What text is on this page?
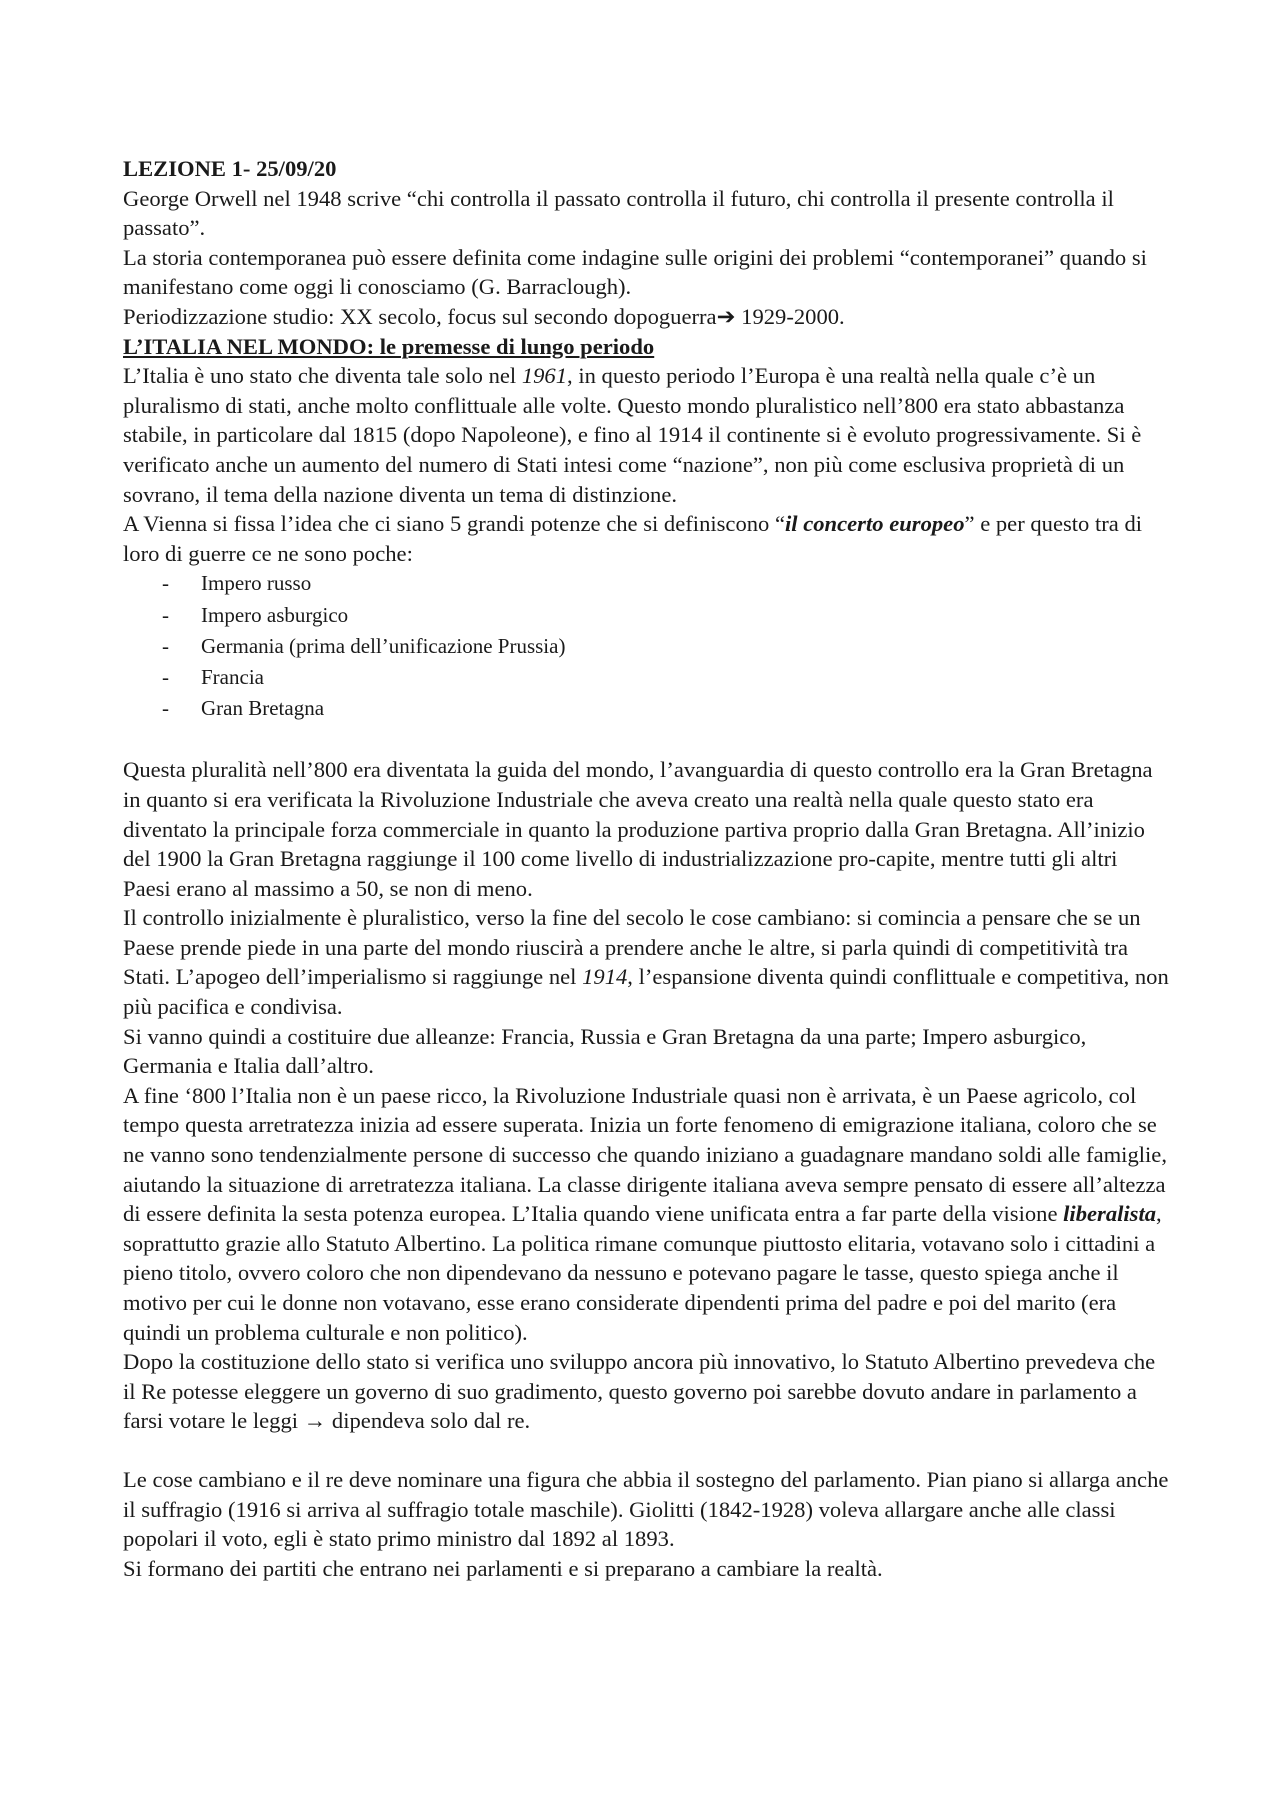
LEZIONE 1- 25/09/20

George Orwell nel 1948 scrive “chi controlla il passato controlla il futuro, chi controlla il presente controlla il passato”.

La storia contemporanea può essere definita come indagine sulle origini dei problemi “contemporanei” quando si manifestano come oggi li conosciamo (G. Barraclough).

Periodizzazione studio: XX secolo, focus sul secondo dopoguerra➔ 1929-2000.

L’ITALIA NEL MONDO: le premesse di lungo periodo

L’Italia è uno stato che diventa tale solo nel 1961, in questo periodo l’Europa è una realtà nella quale c’è un pluralismo di stati, anche molto conflittuale alle volte. Questo mondo pluralistico nell’800 era stato abbastanza stabile, in particolare dal 1815 (dopo Napoleone), e fino al 1914 il continente si è evoluto progressivamente. Si è verificato anche un aumento del numero di Stati intesi come “nazione”, non più come esclusiva proprietà di un sovrano, il tema della nazione diventa un tema di distinzione.

A Vienna si fissa l’idea che ci siano 5 grandi potenze che si definiscono “il concerto europeo” e per questo tra di loro di guerre ce ne sono poche:

- Impero russo
- Impero asburgico
- Germania (prima dell’unificazione Prussia)
- Francia
- Gran Bretagna

Questa pluralità nell’800 era diventata la guida del mondo, l’avanguardia di questo controllo era la Gran Bretagna in quanto si era verificata la Rivoluzione Industriale che aveva creato una realtà nella quale questo stato era diventato la principale forza commerciale in quanto la produzione partiva proprio dalla Gran Bretagna. All’inizio del 1900 la Gran Bretagna raggiunge il 100 come livello di industrializzazione pro-capite, mentre tutti gli altri Paesi erano al massimo a 50, se non di meno.

Il controllo inizialmente è pluralistico, verso la fine del secolo le cose cambiano: si comincia a pensare che se un Paese prende piede in una parte del mondo riuscirà a prendere anche le altre, si parla quindi di competitività tra Stati. L’apogeo dell’imperialismo si raggiunge nel 1914, l’espansione diventa quindi conflittuale e competitiva, non più pacifica e condivisa.

Si vanno quindi a costituire due alleanze: Francia, Russia e Gran Bretagna da una parte; Impero asburgico, Germania e Italia dall’altro.

A fine ‘800 l’Italia non è un paese ricco, la Rivoluzione Industriale quasi non è arrivata, è un Paese agricolo, col tempo questa arretratezza inizia ad essere superata. Inizia un forte fenomeno di emigrazione italiana, coloro che se ne vanno sono tendenzialmente persone di successo che quando iniziano a guadagnare mandano soldi alle famiglie, aiutando la situazione di arretratezza italiana. La classe dirigente italiana aveva sempre pensato di essere all’altezza di essere definita la sesta potenza europea. L’Italia quando viene unificata entra a far parte della visione liberalista, soprattutto grazie allo Statuto Albertino. La politica rimane comunque piuttosto elitaria, votavano solo i cittadini a pieno titolo, ovvero coloro che non dipendevano da nessuno e potevano pagare le tasse, questo spiega anche il motivo per cui le donne non votavano, esse erano considerate dipendenti prima del padre e poi del marito (era quindi un problema culturale e non politico).

Dopo la costituzione dello stato si verifica uno sviluppo ancora più innovativo, lo Statuto Albertino prevedeva che il Re potesse eleggere un governo di suo gradimento, questo governo poi sarebbe dovuto andare in parlamento a farsi votare le leggi → dipendeva solo dal re.

Le cose cambiano e il re deve nominare una figura che abbia il sostegno del parlamento. Pian piano si allarga anche il suffragio (1916 si arriva al suffragio totale maschile). Giolitti (1842-1928) voleva allargare anche alle classi popolari il voto, egli è stato primo ministro dal 1892 al 1893.

Si formano dei partiti che entrano nei parlamenti e si preparano a cambiare la realtà.
